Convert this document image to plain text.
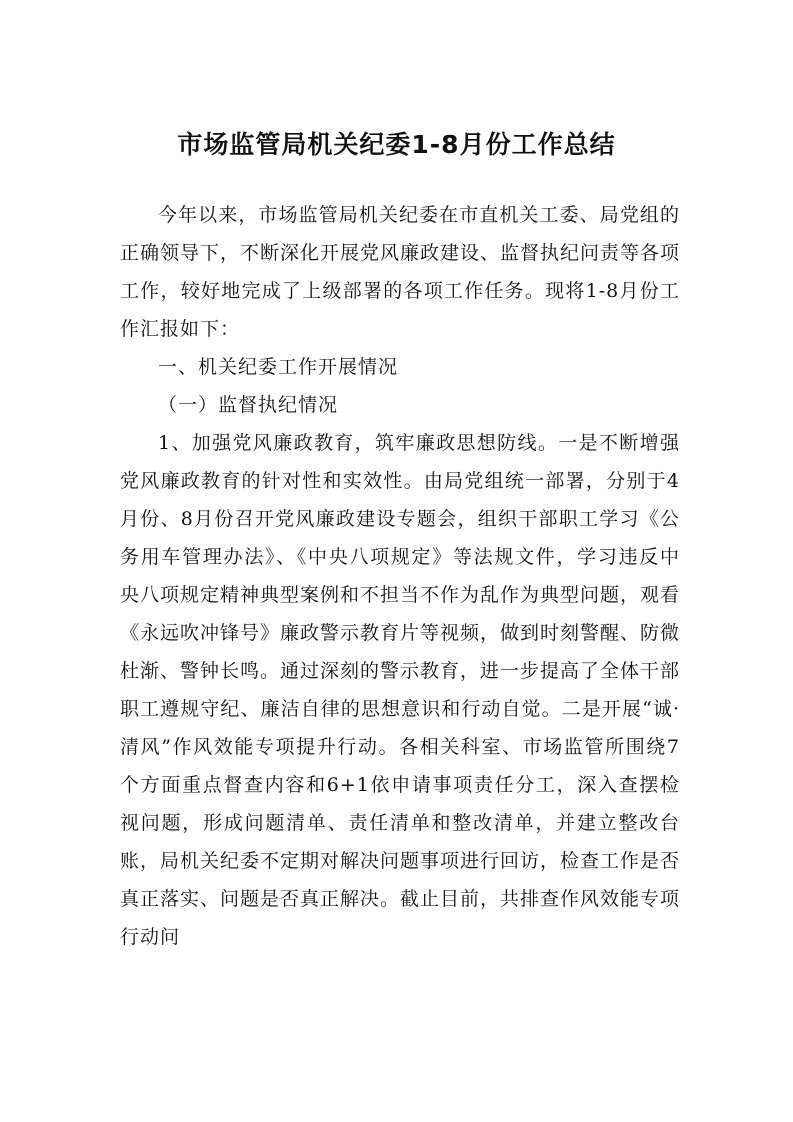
市场监管局机关纪委1-8月份工作总结

今年以来，市场监管局机关纪委在市直机关工委、局党组的正确领导下，不断深化开展党风廉政建设、监督执纪问责等各项工作，较好地完成了上级部署的各项工作任务。现将1-8月份工作汇报如下：

一、机关纪委工作开展情况

（一）监督执纪情况

1、加强党风廉政教育，筑牢廉政思想防线。一是不断增强党风廉政教育的针对性和实效性。由局党组统一部署，分别于4月份、8月份召开党风廉政建设专题会，组织干部职工学习《公务用车管理办法》、《中央八项规定》等法规文件，学习违反中央八项规定精神典型案例和不担当不作为乱作为典型问题，观看《永远吹冲锋号》廉政警示教育片等视频，做到时刻警醒、防微杜渐、警钟长鸣。通过深刻的警示教育，进一步提高了全体干部职工遵规守纪、廉洁自律的思想意识和行动自觉。二是开展“诚·清风”作风效能专项提升行动。各相关科室、市场监管所围绕7个方面重点督查内容和6+1依申请事项责任分工，深入查摆检视问题，形成问题清单、责任清单和整改清单，并建立整改台账，局机关纪委不定期对解决问题事项进行回访，检查工作是否真正落实、问题是否真正解决。截止目前，共排查作风效能专项行动问
